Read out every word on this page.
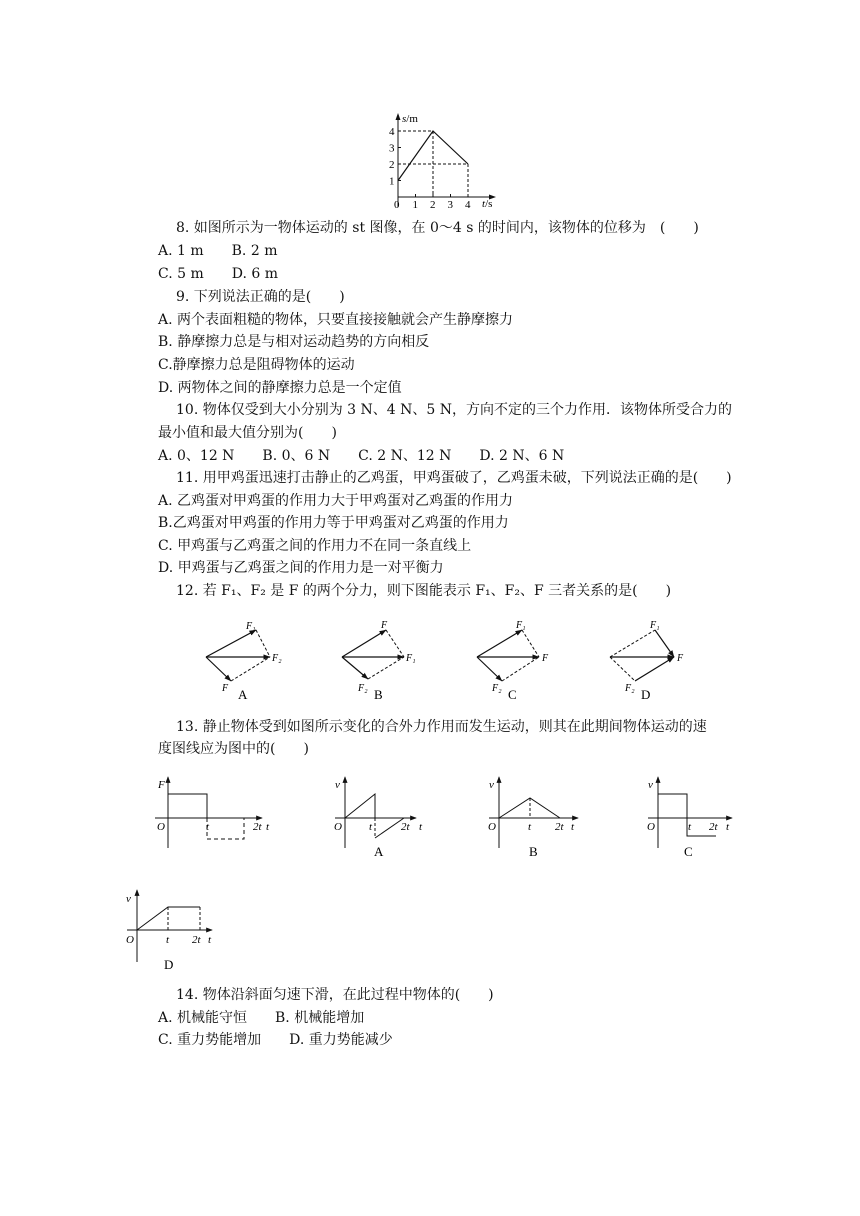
1 2 3 4
1
2
3
4
s/m
t/s
0
8. 如图所示为一物体运动的 st 图像，在 0～4 s 的时间内，该物体的位移为　(　　)
A. 1 m　　B. 2 m
C. 5 m　　D. 6 m
9. 下列说法正确的是(　　)
A. 两个表面粗糙的物体，只要直接接触就会产生静摩擦力
B. 静摩擦力总是与相对运动趋势的方向相反
C.静摩擦力总是阻碍物体的运动
D. 两物体之间的静摩擦力总是一个定值
10. 物体仅受到大小分别为 3 N、4 N、5 N，方向不定的三个力作用．该物体所受合力的
最小值和最大值分别为(　　)
A. 0、12 N　　B. 0、6 N　　C. 2 N、12 N　　D. 2 N、6 N
11. 用甲鸡蛋迅速打击静止的乙鸡蛋，甲鸡蛋破了，乙鸡蛋未破，下列说法正确的是(　　)
A. 乙鸡蛋对甲鸡蛋的作用力大于甲鸡蛋对乙鸡蛋的作用力
B.乙鸡蛋对甲鸡蛋的作用力等于甲鸡蛋对乙鸡蛋的作用力
C. 甲鸡蛋与乙鸡蛋之间的作用力不在同一条直线上
D. 甲鸡蛋与乙鸡蛋之间的作用力是一对平衡力
12. 若 F₁、F₂ 是 F 的两个分力，则下图能表示 F₁、F₂、F 三者关系的是(　　)
F₁
F₂
F A
F
F₁
F₂ B
F₁
F
F₂ C
F₁
F
F₂ D
13. 静止物体受到如图所示变化的合外力作用而发生运动，则其在此期间物体运动的速
度图线应为图中的(　　)
F
O	t	2t t
v
O t	2t t
A
v
O	t 2t t
B
v
O	t 2t t
C
v
O	t 2t t
D
14. 物体沿斜面匀速下滑，在此过程中物体的(　　)
A. 机械能守恒　　B. 机械能增加
C. 重力势能增加　　D. 重力势能减少
